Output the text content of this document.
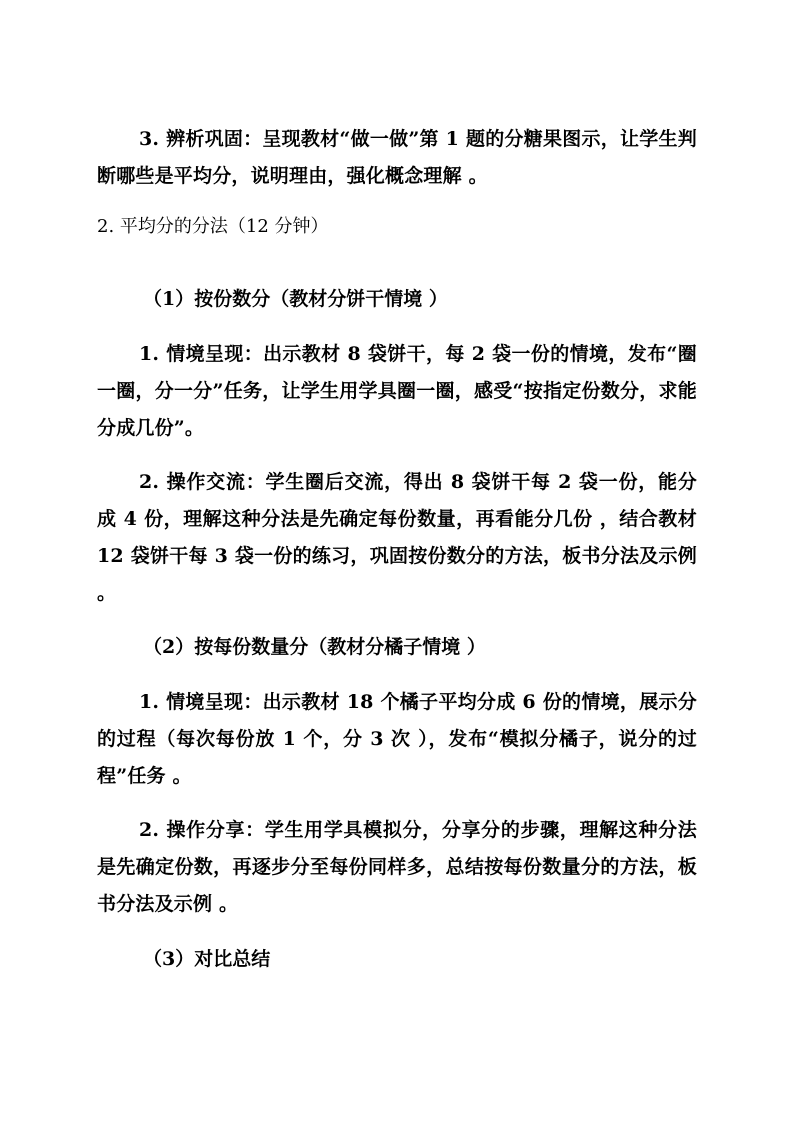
3. 辨析巩固：呈现教材“做一做”第 1 题的分糖果图示，让学生判断哪些是平均分，说明理由，强化概念理解 。

2. 平均分的分法（12 分钟）

（1）按份数分（教材分饼干情境 ）

1. 情境呈现：出示教材 8 袋饼干，每 2 袋一份的情境，发布“圈一圈，分一分”任务，让学生用学具圈一圈，感受“按指定份数分，求能分成几份”。

2. 操作交流：学生圈后交流，得出 8 袋饼干每 2 袋一份，能分成 4 份，理解这种分法是先确定每份数量，再看能分几份 ，结合教材 12 袋饼干每 3 袋一份的练习，巩固按份数分的方法，板书分法及示例 。

（2）按每份数量分（教材分橘子情境 ）

1. 情境呈现：出示教材 18 个橘子平均分成 6 份的情境，展示分的过程（每次每份放 1 个，分 3 次 ），发布“模拟分橘子，说分的过程”任务 。

2. 操作分享：学生用学具模拟分，分享分的步骤，理解这种分法是先确定份数，再逐步分至每份同样多，总结按每份数量分的方法，板书分法及示例 。

（3）对比总结
